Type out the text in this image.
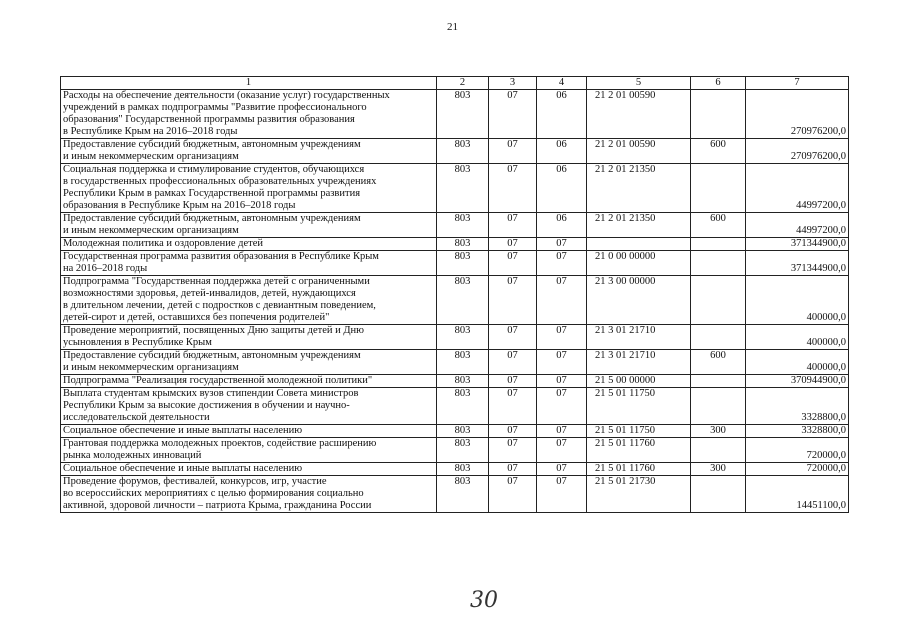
21
1	2	3	4	5	6	7
Расходы на обеспечение деятельности (оказание услуг) государственных
учреждений в рамках подпрограммы "Развитие профессионального
образования" Государственной программы развития образования
в Республике Крым на 2016–2018 годы	803	07	06	21 2 01 00590		270976200,0
Предоставление субсидий бюджетным, автономным учреждениям
и иным некоммерческим организациям	803	07	06	21 2 01 00590	600	270976200,0
Социальная поддержка и стимулирование студентов, обучающихся
в государственных профессиональных образовательных учреждениях
Республики Крым в рамках Государственной программы развития
образования в Республике Крым на 2016–2018 годы	803	07	06	21 2 01 21350		44997200,0
Предоставление субсидий бюджетным, автономным учреждениям
и иным некоммерческим организациям	803	07	06	21 2 01 21350	600	44997200,0
Молодежная политика и оздоровление детей	803	07	07			371344900,0
Государственная программа развития образования в Республике Крым
на 2016–2018 годы	803	07	07	21 0 00 00000		371344900,0
Подпрограмма "Государственная поддержка детей с ограниченными
возможностями здоровья, детей-инвалидов, детей, нуждающихся
в длительном лечении, детей с подростков с девиантным поведением,
детей-сирот и детей, оставшихся без попечения родителей"	803	07	07	21 3 00 00000		400000,0
Проведение мероприятий, посвященных Дню защиты детей и Дню
усыновления в Республике Крым	803	07	07	21 3 01 21710		400000,0
Предоставление субсидий бюджетным, автономным учреждениям
и иным некоммерческим организациям	803	07	07	21 3 01 21710	600	400000,0
Подпрограмма "Реализация государственной молодежной политики"	803	07	07	21 5 00 00000		370944900,0
Выплата студентам крымских вузов стипендии Совета министров
Республики Крым за высокие достижения в обучении и научно-
исследовательской деятельности	803	07	07	21 5 01 11750		3328800,0
Социальное обеспечение и иные выплаты населению	803	07	07	21 5 01 11750	300	3328800,0
Грантовая поддержка молодежных проектов, содействие расширению
рынка молодежных инноваций	803	07	07	21 5 01 11760		720000,0
Социальное обеспечение и иные выплаты населению	803	07	07	21 5 01 11760	300	720000,0
Проведение форумов, фестивалей, конкурсов, игр, участие
во всероссийских мероприятиях с целью формирования социально
активной, здоровой личности – патриота Крыма, гражданина России	803	07	07	21 5 01 21730		14451100,0
30
